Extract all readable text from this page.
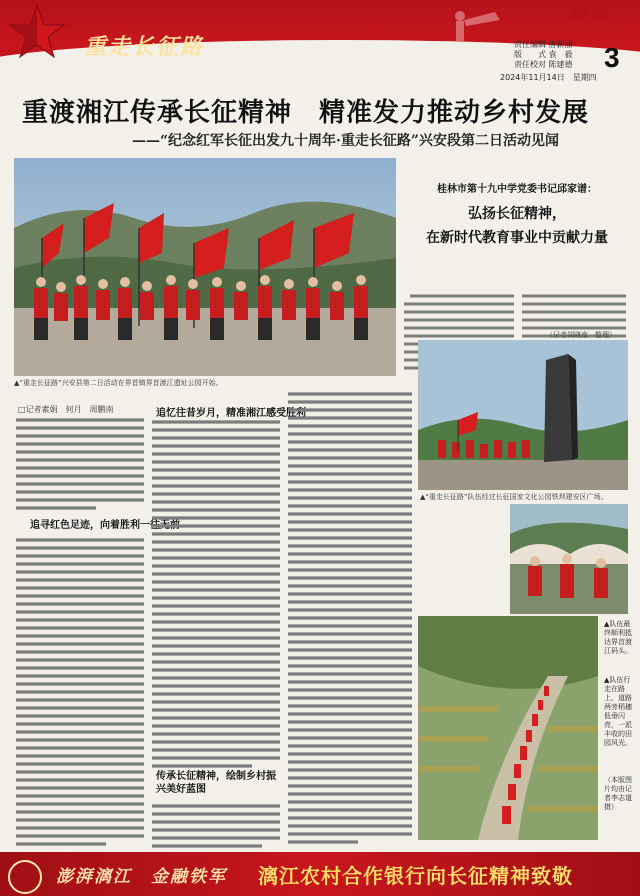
重走长征路
桂林日报
责任编辑 唐新丽
版　　式 袁　毅
责任校对 陈建德 3
2024年11月14日　星期四
重渡湘江传承长征精神　精准发力推动乡村发展
——“纪念红军长征出发九十周年·重走长征路”兴安段第二日活动见闻
▲“重走长征路”兴安县第二日活动在界首镇界首渡江遗址公园开始。
□记者素娟　何月　周鹏南
追寻红色足迹，向着胜利一往无前
追忆往昔岁月，精准湘江感受胜利
传承长征精神，绘制乡村振兴美好蓝图
桂林市第十九中学党委书记邱家谱：
弘扬长征精神，
在新时代教育事业中贡献力量
（记者胡晓南　整理）
▲“重走长征路”队伍经过长征国家文化公园铁坝建安区广场。
▲队伍最终顺利抵达界首渡江码头。
▲队伍行走在路上，道路两旁稻穗低垂闪亮，一派丰收的田园风光。
（本版图片均由记者李志道摄）
澎湃漓江　金融铁军 漓江农村合作银行向长征精神致敬
